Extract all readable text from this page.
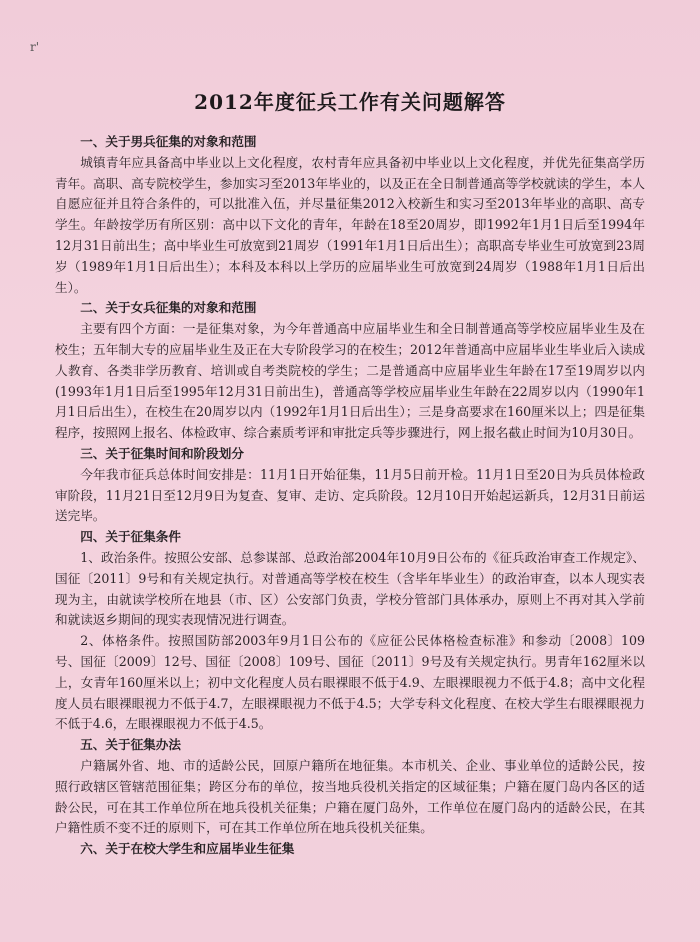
r'
2012年度征兵工作有关问题解答

一、关于男兵征集的对象和范围

城镇青年应具备高中毕业以上文化程度，农村青年应具备初中毕业以上文化程度，并优先征集高学历青年。高职、高专院校学生，参加实习至2013年毕业的，以及正在全日制普通高等学校就读的学生，本人自愿应征并且符合条件的，可以批准入伍，并尽量征集2012入校新生和实习至2013年毕业的高职、高专学生。年龄按学历有所区别：高中以下文化的青年，年龄在18至20周岁，即1992年1月1日后至1994年12月31日前出生；高中毕业生可放宽到21周岁（1991年1月1日后出生）；高职高专毕业生可放宽到23周岁（1989年1月1日后出生）；本科及本科以上学历的应届毕业生可放宽到24周岁（1988年1月1日后出生）。

二、关于女兵征集的对象和范围

主要有四个方面：一是征集对象，为今年普通高中应届毕业生和全日制普通高等学校应届毕业生及在校生；五年制大专的应届毕业生及正在大专阶段学习的在校生；2012年普通高中应届毕业生毕业后入读成人教育、各类非学历教育、培训或自考类院校的学生；二是普通高中应届毕业生年龄在17至19周岁以内(1993年1月1日后至1995年12月31日前出生)，普通高等学校应届毕业生年龄在22周岁以内（1990年1月1日后出生），在校生在20周岁以内（1992年1月1日后出生）；三是身高要求在160厘米以上；四是征集程序，按照网上报名、体检政审、综合素质考评和审批定兵等步骤进行，网上报名截止时间为10月30日。

三、关于征集时间和阶段划分

今年我市征兵总体时间安排是：11月1日开始征集，11月5日前开检。11月1日至20日为兵员体检政审阶段，11月21日至12月9日为复查、复审、走访、定兵阶段。12月10日开始起运新兵，12月31日前运送完毕。

四、关于征集条件

1、政治条件。按照公安部、总参谋部、总政治部2004年10月9日公布的《征兵政治审查工作规定》、国征〔2011〕9号和有关规定执行。对普通高等学校在校生（含毕年毕业生）的政治审查，以本人现实表现为主，由就读学校所在地县（市、区）公安部门负责，学校分管部门具体承办，原则上不再对其入学前和就读返乡期间的现实表现情况进行调查。

2、体格条件。按照国防部2003年9月1日公布的《应征公民体格检查标准》和参动〔2008〕109号、国征〔2009〕12号、国征〔2008〕109号、国征〔2011〕9号及有关规定执行。男青年162厘米以上，女青年160厘米以上；初中文化程度人员右眼裸眼不低于4.9、左眼裸眼视力不低于4.8；高中文化程度人员右眼裸眼视力不低于4.7，左眼裸眼视力不低于4.5；大学专科文化程度、在校大学生右眼裸眼视力不低于4.6，左眼裸眼视力不低于4.5。

五、关于征集办法

户籍属外省、地、市的适龄公民，回原户籍所在地征集。本市机关、企业、事业单位的适龄公民，按照行政辖区管辖范围征集；跨区分布的单位，按当地兵役机关指定的区域征集；户籍在厦门岛内各区的适龄公民，可在其工作单位所在地兵役机关征集；户籍在厦门岛外，工作单位在厦门岛内的适龄公民，在其户籍性质不变不迁的原则下，可在其工作单位所在地兵役机关征集。

六、关于在校大学生和应届毕业生征集
